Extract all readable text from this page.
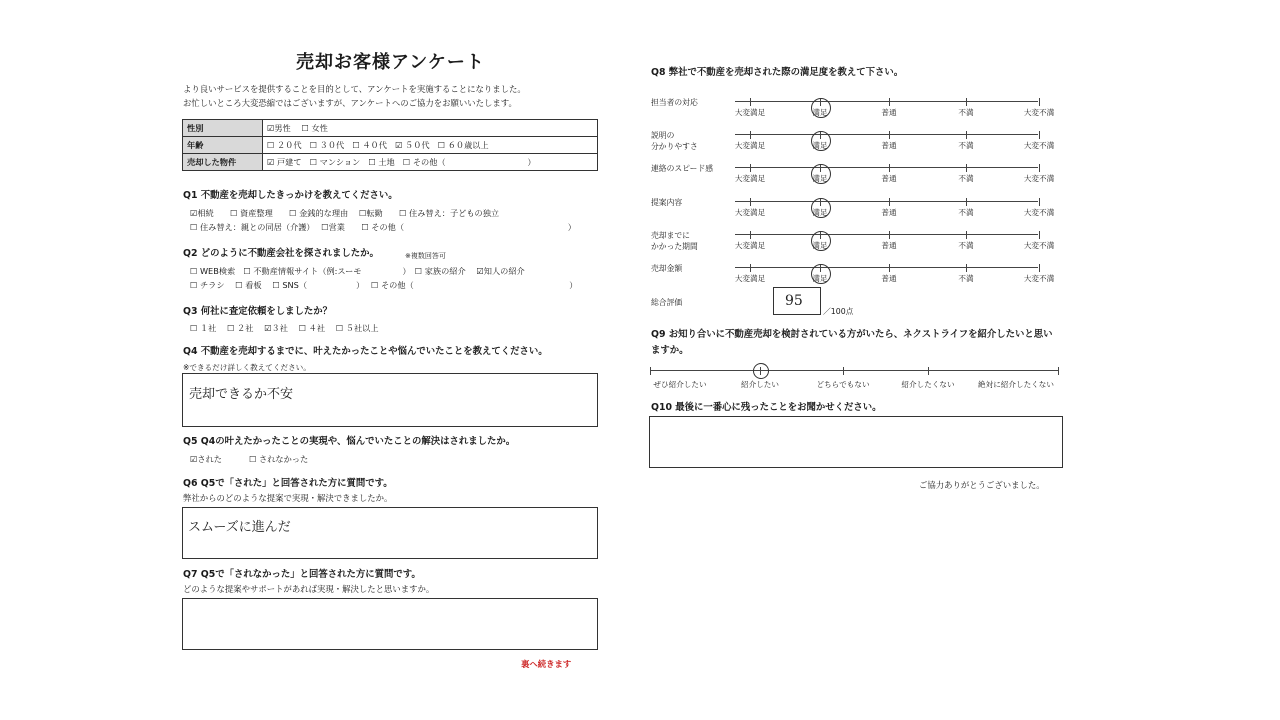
売却お客様アンケート
より良いサービスを提供することを目的として、アンケートを実施することになりました。
お忙しいところ大変恐縮ではございますが、アンケートへのご協力をお願いいたします。
性別	☑男性　 ☐ 女性
年齢	☐ ２０代　☐ ３０代　☐ ４０代　☑ ５０代　☐ ６０歳以上
売却した物件	☑ 戸建て　☐ マンション　☐ 土地　☐ その他（　　　　　　　　　　）
Q1 不動産を売却したきっかけを教えてください。
☑相続　　☐ 資産整理　　☐ 金銭的な理由　 ☐転勤　　☐ 住み替え：子どもの独立
☐ 住み替え：親との同居（介護）　 ☐営業　　☐ その他（　　　　　　　　　　　　　　　　　　　　）
Q2 どのように不動産会社を探されましたか。	※複数回答可
☐ WEB検索　☐ 不動産情報サイト（例:スーモ　　　　　）　☐ 家族の紹介　 ☑知人の紹介
☐ チラシ　 ☐ 看板　 ☐ SNS（　　　　　　）　 ☐ その他（　　　　　　　　　　　　　　　　　　　）
Q3 何社に査定依頼をしましたか？
☐ １社　 ☐ ２社　 ☑３社　 ☐ ４社　 ☐ ５社以上
Q4 不動産を売却するまでに、叶えたかったことや悩んでいたことを教えてください。
※できるだけ詳しく教えてください。
売却できるか不安
Q5 Q4の叶えたかったことの実現や、悩んでいたことの解決はされましたか。
☑された　　　 ☐ されなかった
Q6 Q5で「された」と回答された方に質問です。
弊社からのどのような提案で実現・解決できましたか。
スムーズに進んだ
Q7 Q5で「されなかった」と回答された方に質問です。
どのような提案やサポートがあれば実現・解決したと思いますか。
裏へ続きます
Q8 弊社で不動産を売却された際の満足度を教えて下さい。
担当者の対応
大変満足	満足	普通	不満	大変不満
説明の
分かりやすさ	大変満足	満足	普通	不満	大変不満
連絡のスピード感
大変満足	満足	普通	不満	大変不満
提案内容
大変満足	満足	普通	不満	大変不満
売却までに
かかった期間	大変満足	満足	普通	不満	大変不満
売却金額
大変満足	満足	普通	不満	大変不満
総合評価	95
／100点
Q9 お知り合いに不動産売却を検討されている方がいたら、ネクストライフを紹介したいと思い
ますか。
ぜひ紹介したい	紹介したい	どちらでもない	紹介したくない	絶対に紹介したくない
Q10 最後に一番心に残ったことをお聞かせください。
ご協力ありがとうございました。
